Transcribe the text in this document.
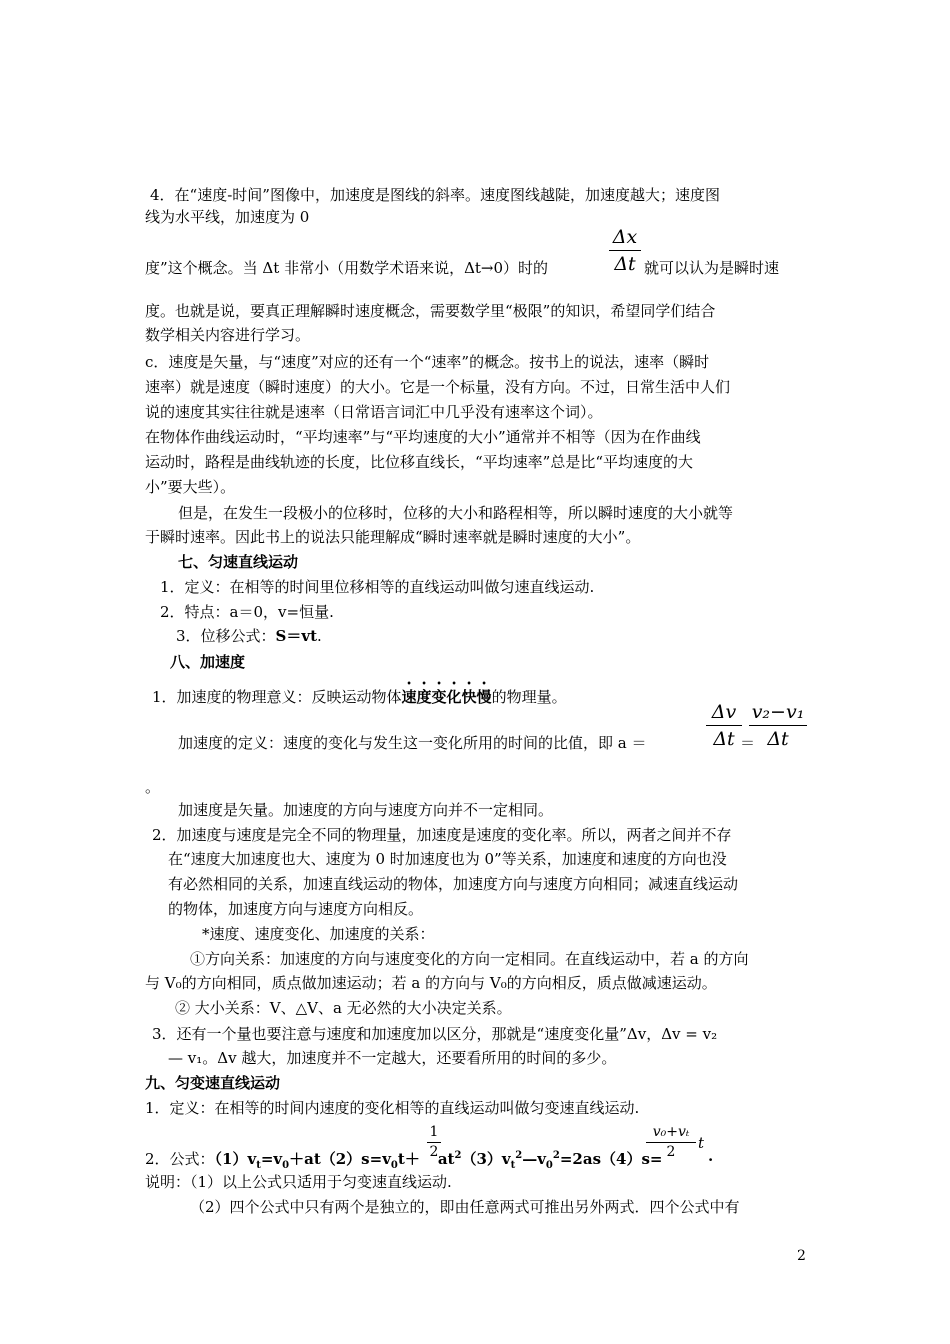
4．在“速度-时间”图像中，加速度是图线的斜率。速度图线越陡，加速度越大；速度图
线为水平线，加速度为 0
度”这个概念。当 Δt 非常小（用数学术语来说，Δt→0）时的
Δx
Δt 就可以认为是瞬时速
度。也就是说，要真正理解瞬时速度概念，需要数学里“极限”的知识，希望同学们结合
数学相关内容进行学习。
c．速度是矢量，与“速度”对应的还有一个“速率”的概念。按书上的说法，速率（瞬时
速率）就是速度（瞬时速度）的大小。它是一个标量，没有方向。不过，日常生活中人们
说的速度其实往往就是速率（日常语言词汇中几乎没有速率这个词）。
在物体作曲线运动时，“平均速率”与“平均速度的大小”通常并不相等（因为在作曲线
运动时，路程是曲线轨迹的长度，比位移直线长，“平均速率”总是比“平均速度的大
小”要大些）。
但是，在发生一段极小的位移时，位移的大小和路程相等，所以瞬时速度的大小就等
于瞬时速率。因此书上的说法只能理解成“瞬时速率就是瞬时速度的大小”。
七、匀速直线运动
1．定义：在相等的时间里位移相等的直线运动叫做匀速直线运动.
2．特点：a＝0，v=恒量.
3．位移公式：S＝vt.
八、加速度
1．加速度的物理意义：反映运动物体速度变化快慢的物理量。
加速度的定义：速度的变化与发生这一变化所用的时间的比值，即 a ＝
Δv
Δt ＝
v₂−v₁
Δt
。
加速度是矢量。加速度的方向与速度方向并不一定相同。
2．加速度与速度是完全不同的物理量，加速度是速度的变化率。所以，两者之间并不存
在“速度大加速度也大、速度为 0 时加速度也为 0”等关系，加速度和速度的方向也没
有必然相同的关系，加速直线运动的物体，加速度方向与速度方向相同；减速直线运动
的物体，加速度方向与速度方向相反。
*速度、速度变化、加速度的关系：
①方向关系：加速度的方向与速度变化的方向一定相同。在直线运动中，若 a 的方向
与 V₀的方向相同，质点做加速运动；若 a 的方向与 V₀的方向相反，质点做减速运动。
② 大小关系：V、△V、a 无必然的大小决定关系。
3．还有一个量也要注意与速度和加速度加以区分，那就是“速度变化量”Δv，Δv = v₂
— v₁。Δv 越大，加速度并不一定越大，还要看所用的时间的多少。
九、匀变速直线运动
1．定义：在相等的时间内速度的变化相等的直线运动叫做匀变速直线运动.
2．公式：$(1)v_t=v_0+at(2)s=v_0t+$ $at^2(3)v_t^2—v_0^2=2as(4)s=$
1
2
v₀+vₜ
2	t
.
说明：（1）以上公式只适用于匀变速直线运动.
（2）四个公式中只有两个是独立的，即由任意两式可推出另外两式．四个公式中有
2
